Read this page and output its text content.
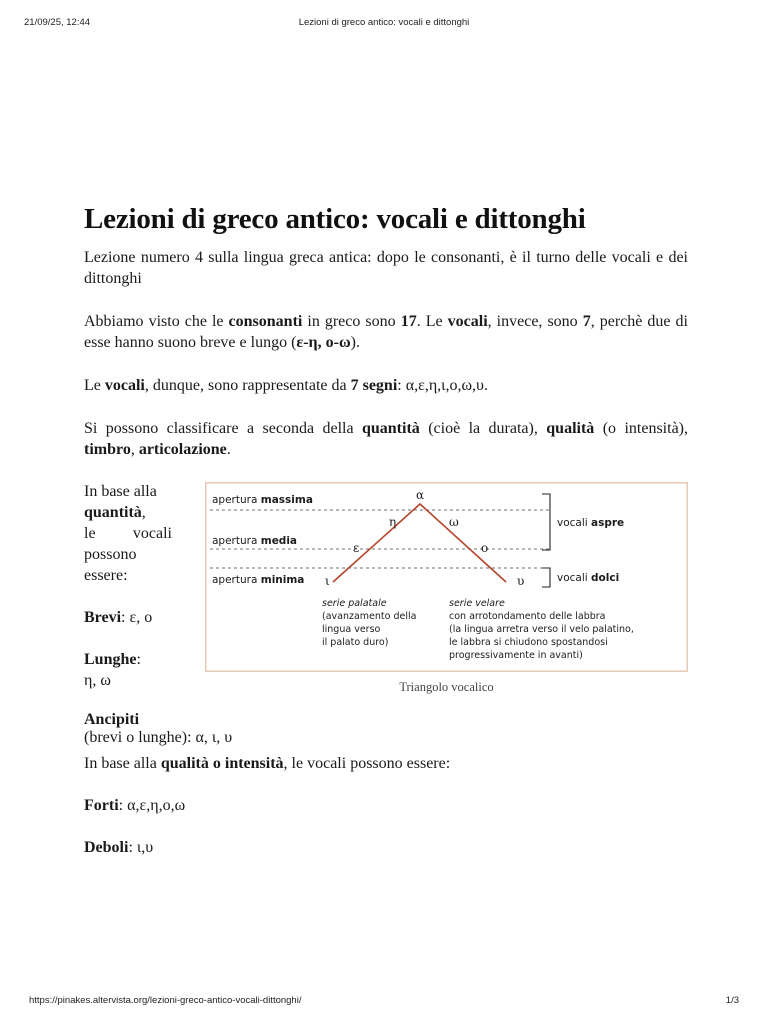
21/09/25, 12:44	Lezioni di greco antico: vocali e dittonghi
Lezioni di greco antico: vocali e dittonghi

Lezione numero 4 sulla lingua greca antica: dopo le consonanti, è il turno delle vocali e dei dittonghi

Abbiamo visto che le consonanti in greco sono 17. Le vocali, invece, sono 7, perchè due di esse hanno suono breve e lungo (ε-η, ο-ω).

Le vocali, dunque, sono rappresentate da 7 segni: α,ε,η,ι,ο,ω,υ.

Si possono classificare a seconda della quantità (cioè la durata), qualità (o intensità), timbro, articolazione.

In base alla
quantità,
le vocali
possono
essere:
Brevi: ε, ο
Lunghe:
η, ω
apertura massima
apertura media
apertura minima
α
η	ω
ε	ο
ι	υ
vocali aspre
vocali dolci
serie palatale
(avanzamento della
lingua verso
il palato duro)
serie velare
con arrotondamento delle labbra
(la lingua arretra verso il velo palatino,
le labbra si chiudono spostandosi
progressivamente in avanti)
Triangolo vocalico
Ancipiti
(brevi o lunghe): α, ι, υ
In base alla qualità o intensità, le vocali possono essere:
Forti: α,ε,η,ο,ω
Deboli: ι,υ
https://pinakes.altervista.org/lezioni-greco-antico-vocali-dittonghi/	1/3
